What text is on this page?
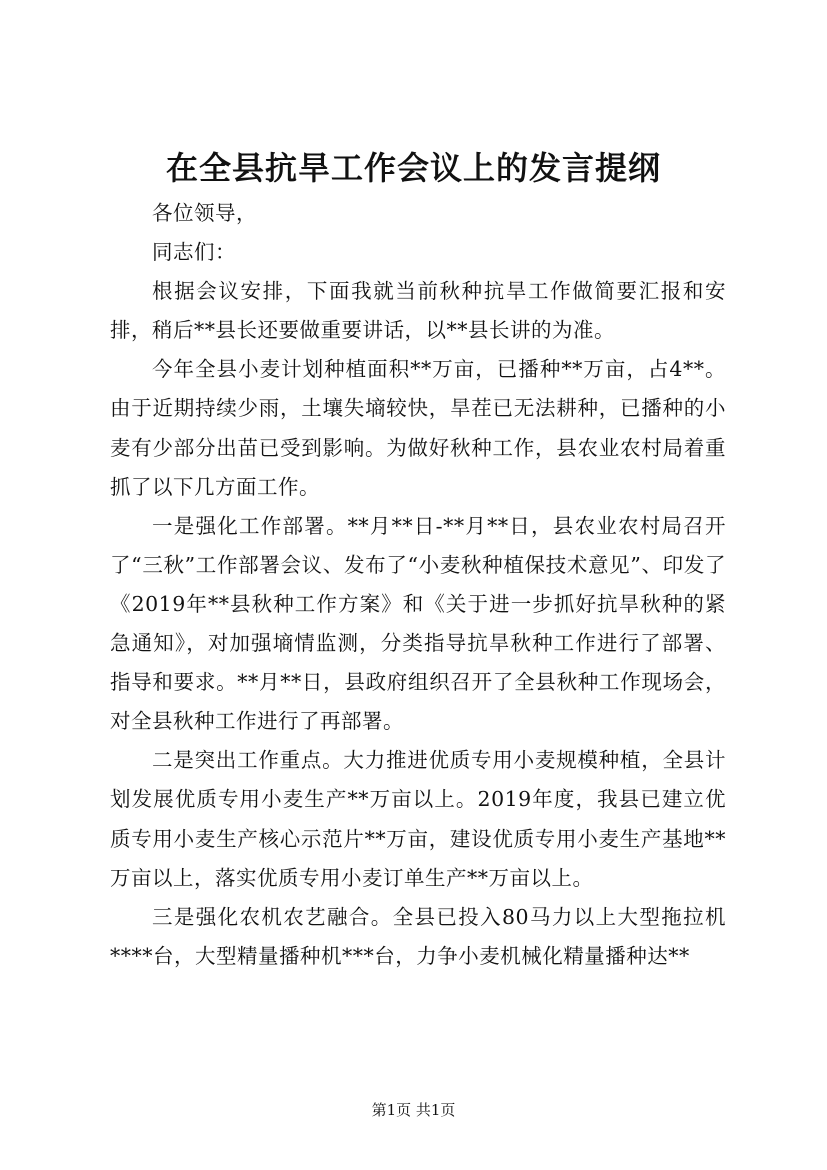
在全县抗旱工作会议上的发言提纲

各位领导，

同志们：

根据会议安排，下面我就当前秋种抗旱工作做简要汇报和安排，稍后**县长还要做重要讲话，以**县长讲的为准。

今年全县小麦计划种植面积**万亩，已播种**万亩，占4**。由于近期持续少雨，土壤失墒较快，旱茬已无法耕种，已播种的小麦有少部分出苗已受到影响。为做好秋种工作，县农业农村局着重抓了以下几方面工作。

一是强化工作部署。**月**日-**月**日，县农业农村局召开了“三秋”工作部署会议、发布了“小麦秋种植保技术意见”、印发了《2019年**县秋种工作方案》和《关于进一步抓好抗旱秋种的紧急通知》，对加强墒情监测，分类指导抗旱秋种工作进行了部署、指导和要求。**月**日，县政府组织召开了全县秋种工作现场会，对全县秋种工作进行了再部署。

二是突出工作重点。大力推进优质专用小麦规模种植，全县计划发展优质专用小麦生产**万亩以上。2019年度，我县已建立优质专用小麦生产核心示范片**万亩，建设优质专用小麦生产基地**万亩以上，落实优质专用小麦订单生产**万亩以上。

三是强化农机农艺融合。全县已投入80马力以上大型拖拉机****台，大型精量播种机***台，力争小麦机械化精量播种达**

第1页 共1页
